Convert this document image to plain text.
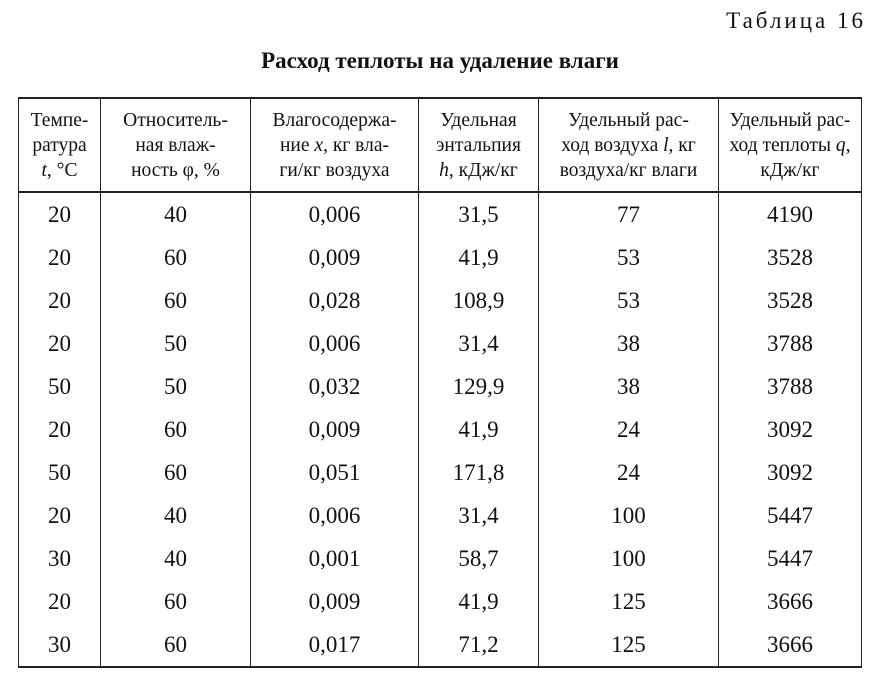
Таблица 16
Расход теплоты на удаление влаги
Темпе-
ратура
t, °C	Относитель-
ная влаж-
ность φ, %	Влагосодержа-
ние x, кг вла-
ги/кг воздуха	Удельная
энтальпия
h, кДж/кг	Удельный рас-
ход воздуха l, кг
воздуха/кг влаги	Удельный рас-
ход теплоты q,
кДж/кг

20	40	0,006	31,5	77	4190
20	60	0,009	41,9	53	3528
20	60	0,028	108,9	53	3528
20	50	0,006	31,4	38	3788
50	50	0,032	129,9	38	3788
20	60	0,009	41,9	24	3092
50	60	0,051	171,8	24	3092
20	40	0,006	31,4	100	5447
30	40	0,001	58,7	100	5447
20	60	0,009	41,9	125	3666
30	60	0,017	71,2	125	3666
